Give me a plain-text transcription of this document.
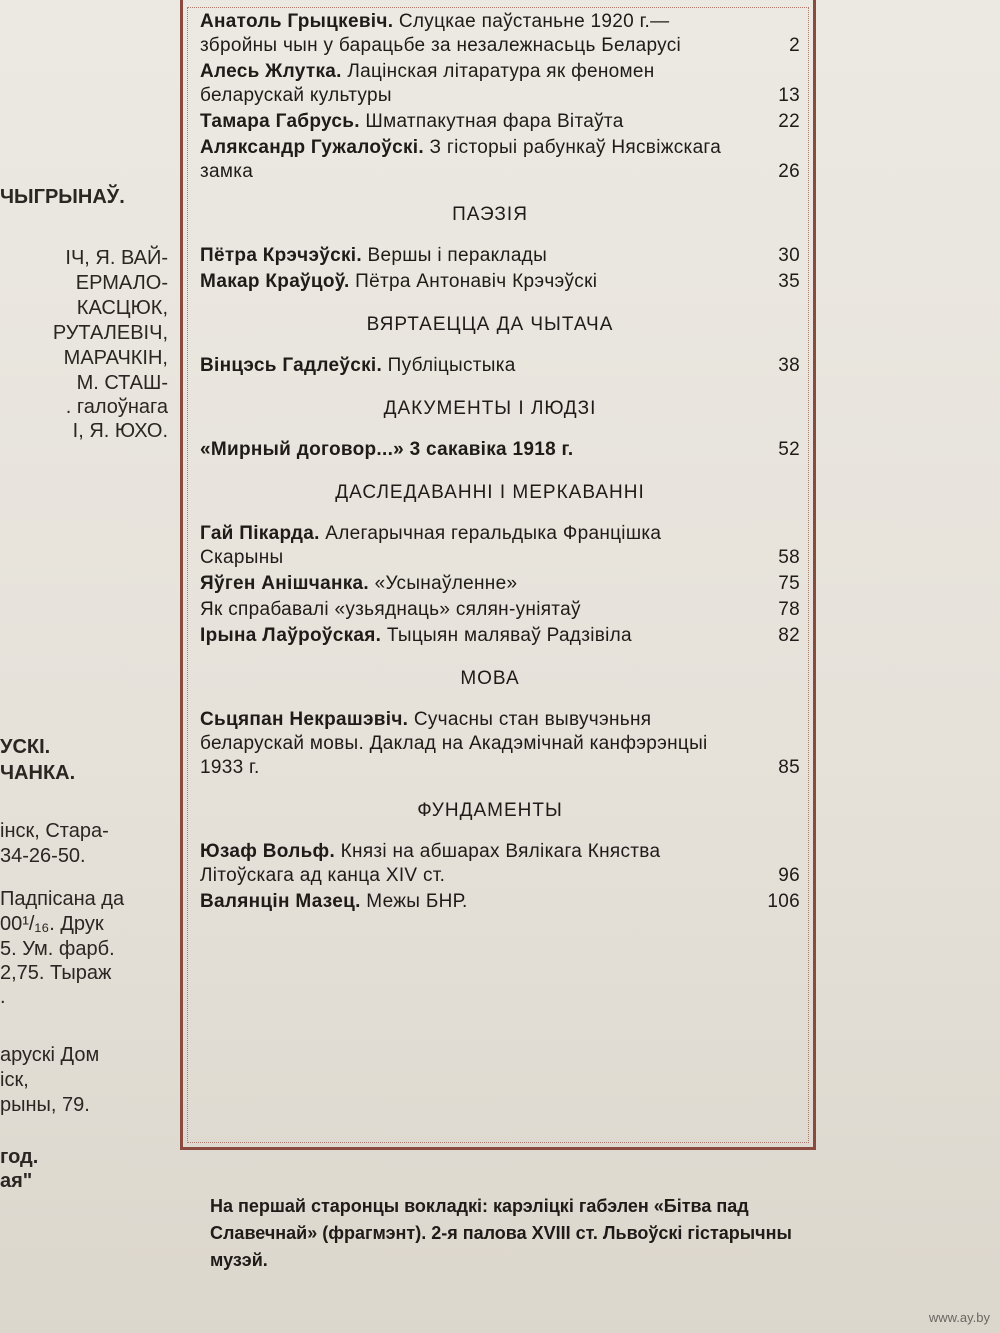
ЧЫГРЫНАЎ.
ІЧ, Я. ВАЙ-
ЕРМАЛО-
КАСЦЮК,
РУТАЛЕВІЧ,
МАРАЧКІН,
М. СТАШ-
. галоўнага
І, Я. ЮХО.
УСКІ.
ЧАНКА.
інск, Стара-
34-26-50.
Падпісана да
00¹/₁₆. Друк
5. Ум. фарб.
2,75. Тыраж
.
арускі Дом
іск,
рыны, 79.
год.
ая"
Анатоль Грыцкевіч. Слуцкае паўстаньне 1920 г.— збройны чын у барацьбе за незалежнасьць Беларусі	2
Алесь Жлутка. Лацінская літаратура як феномен беларускай культуры	13
Тамара Габрусь. Шматпакутная фара Вітаўта	22
Аляксандр Гужалоўскі. З гісторыі рабункаў Нясвіжскага замка	26
ПАЭЗІЯ
Пётра Крэчэўскі. Вершы і пераклады	30
Макар Краўцоў. Пётра Антонавіч Крэчэўскі	35
ВЯРТАЕЦЦА ДА ЧЫТАЧА
Вінцэсь Гадлеўскі. Публіцыстыка	38
ДАКУМЕНТЫ І ЛЮДЗІ
«Мирный договор...» 3 сакавіка 1918 г.	52
ДАСЛЕДАВАННІ І МЕРКАВАННІ
Гай Пікарда. Алегарычная геральдыка Францішка Скарыны	58
Яўген Анішчанка. «Усынаўленне»	75
Як спрабавалі «узьяднаць» сялян-уніятаў	78
Ірына Лаўроўская. Тыцыян маляваў Радзівіла	82
МОВА
Сьцяпан Некрашэвіч. Сучасны стан вывучэньня беларускай мовы. Даклад на Акадэмічнай канфэрэнцыі 1933 г.	85
ФУНДАМЕНТЫ
Юзаф Вольф. Князі на абшарах Вялікага Княства Літоўскага ад канца XIV ст.	96
Валянцін Мазец. Межы БНР.	106
На першай старонцы вокладкі: карэліцкі габэлен «Бітва пад Славечнай» (фрагмэнт). 2-я палова XVIII ст. Львоўскі гістарычны музэй.
www.ay.by
